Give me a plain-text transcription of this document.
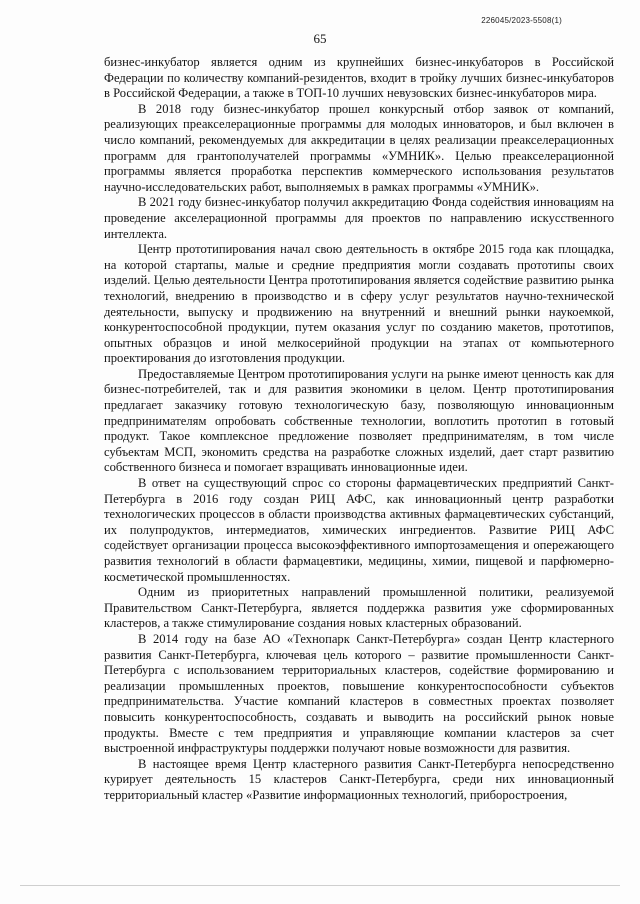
226045/2023-5508(1)
65

бизнес-инкубатор является одним из крупнейших бизнес-инкубаторов в Российской Федерации по количеству компаний-резидентов, входит в тройку лучших бизнес-инкубаторов в Российской Федерации, а также в ТОП-10 лучших невузовских бизнес-инкубаторов мира.

В 2018 году бизнес-инкубатор прошел конкурсный отбор заявок от компаний, реализующих преакселерационные программы для молодых инноваторов, и был включен в число компаний, рекомендуемых для аккредитации в целях реализации преакселерационных программ для грантополучателей программы «УМНИК». Целью преакселерационной программы является проработка перспектив коммерческого использования результатов научно-исследовательских работ, выполняемых в рамках программы «УМНИК».

В 2021 году бизнес-инкубатор получил аккредитацию Фонда содействия инновациям на проведение акселерационной программы для проектов по направлению искусственного интеллекта.

Центр прототипирования начал свою деятельность в октябре 2015 года как площадка, на которой стартапы, малые и средние предприятия могли создавать прототипы своих изделий. Целью деятельности Центра прототипирования является содействие развитию рынка технологий, внедрению в производство и в сферу услуг результатов научно-технической деятельности, выпуску и продвижению на внутренний и внешний рынки наукоемкой, конкурентоспособной продукции, путем оказания услуг по созданию макетов, прототипов, опытных образцов и иной мелкосерийной продукции на этапах от компьютерного проектирования до изготовления продукции.

Предоставляемые Центром прототипирования услуги на рынке имеют ценность как для бизнес-потребителей, так и для развития экономики в целом. Центр прототипирования предлагает заказчику готовую технологическую базу, позволяющую инновационным предпринимателям опробовать собственные технологии, воплотить прототип в готовый продукт. Такое комплексное предложение позволяет предпринимателям, в том числе субъектам МСП, экономить средства на разработке сложных изделий, дает старт развитию собственного бизнеса и помогает взращивать инновационные идеи.

В ответ на существующий спрос со стороны фармацевтических предприятий Санкт-Петербурга в 2016 году создан РИЦ АФС, как инновационный центр разработки технологических процессов в области производства активных фармацевтических субстанций, их полупродуктов, интермедиатов, химических ингредиентов. Развитие РИЦ АФС содействует организации процесса высокоэффективного импортозамещения и опережающего развития технологий в области фармацевтики, медицины, химии, пищевой и парфюмерно-косметической промышленностях.

Одним из приоритетных направлений промышленной политики, реализуемой Правительством Санкт-Петербурга, является поддержка развития уже сформированных кластеров, а также стимулирование создания новых кластерных образований.

В 2014 году на базе АО «Технопарк Санкт-Петербурга» создан Центр кластерного развития Санкт-Петербурга, ключевая цель которого – развитие промышленности Санкт-Петербурга с использованием территориальных кластеров, содействие формированию и реализации промышленных проектов, повышение конкурентоспособности субъектов предпринимательства. Участие компаний кластеров в совместных проектах позволяет повысить конкурентоспособность, создавать и выводить на российский рынок новые продукты. Вместе с тем предприятия и управляющие компании кластеров за счет выстроенной инфраструктуры поддержки получают новые возможности для развития.

В настоящее время Центр кластерного развития Санкт-Петербурга непосредственно курирует деятельность 15 кластеров Санкт-Петербурга, среди них инновационный территориальный кластер «Развитие информационных технологий, приборостроения,
